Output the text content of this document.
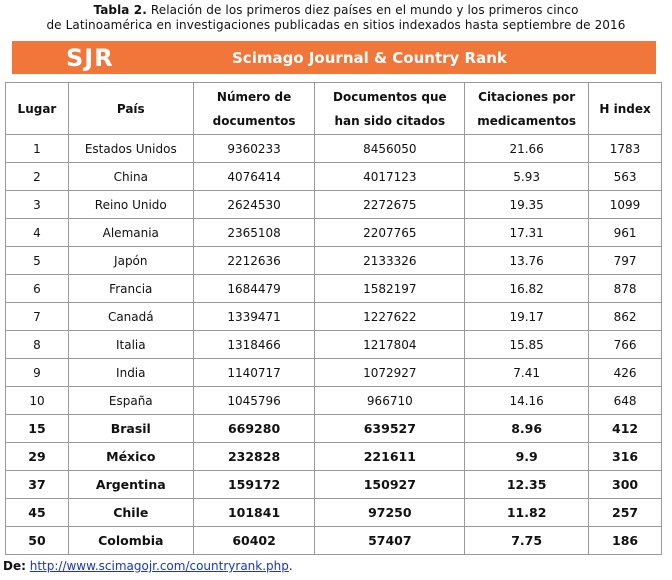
Tabla 2. Relación de los primeros diez países en el mundo y los primeros cinco
de Latinoamérica en investigaciones publicadas en sitios indexados hasta septiembre de 2016
SJR	Scimago Journal & Country Rank
Lugar	País	Número de documentos	Documentos que han sido citados	Citaciones por medicamentos	H index
1	Estados Unidos	9360233	8456050	21.66	1783
2	China	4076414	4017123	5.93	563
3	Reino Unido	2624530	2272675	19.35	1099
4	Alemania	2365108	2207765	17.31	961
5	Japón	2212636	2133326	13.76	797
6	Francia	1684479	1582197	16.82	878
7	Canadá	1339471	1227622	19.17	862
8	Italia	1318466	1217804	15.85	766
9	India	1140717	1072927	7.41	426
10	España	1045796	966710	14.16	648
15	Brasil	669280	639527	8.96	412
29	México	232828	221611	9.9	316
37	Argentina	159172	150927	12.35	300
45	Chile	101841	97250	11.82	257
50	Colombia	60402	57407	7.75	186
De: http://www.scimagojr.com/countryrank.php.
